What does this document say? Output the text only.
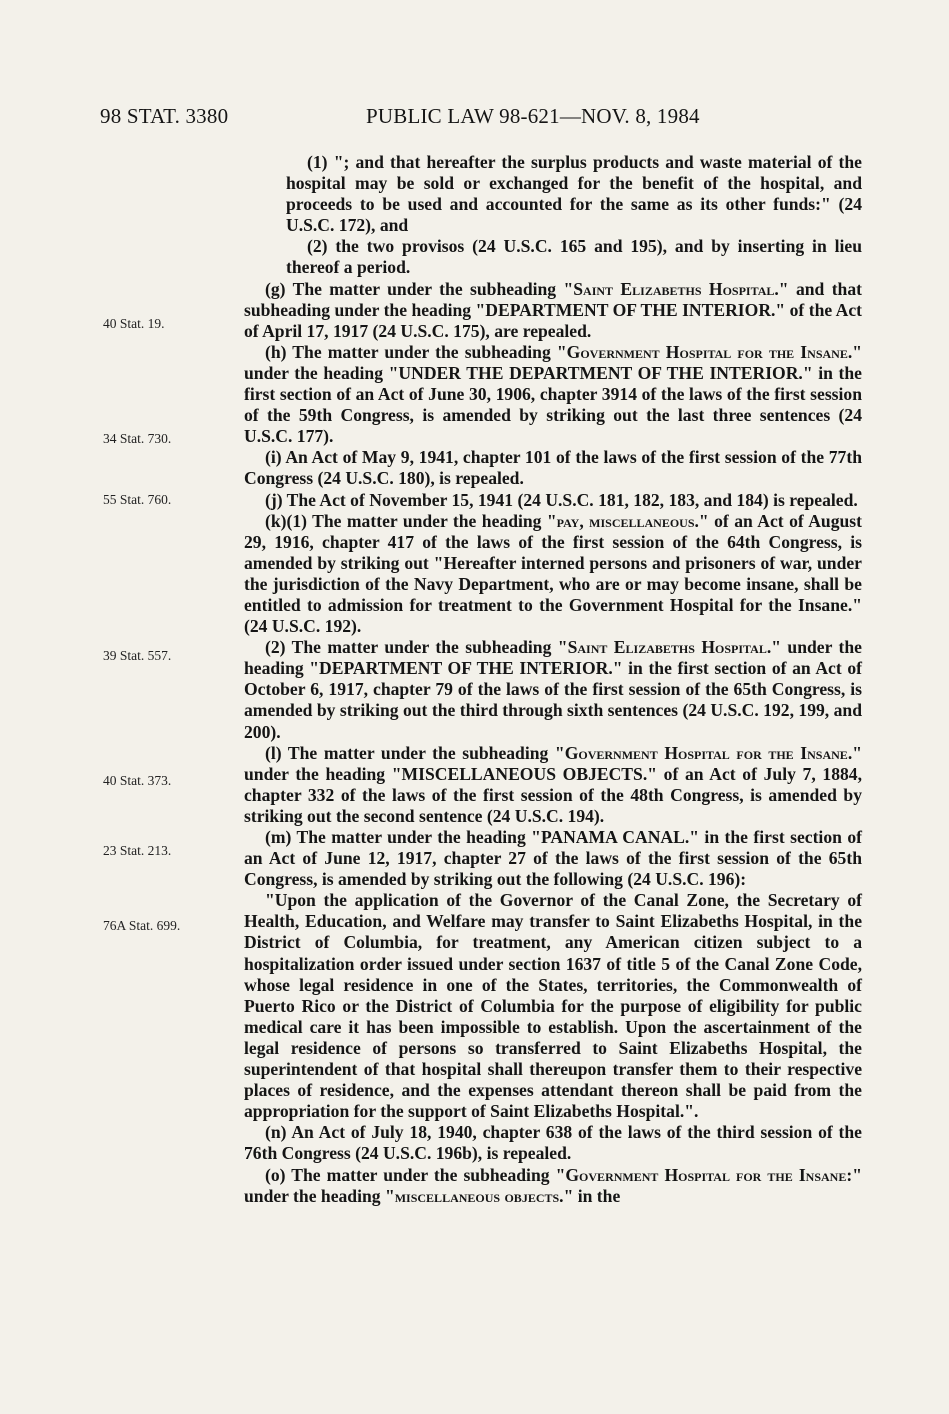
98 STAT. 3380	PUBLIC LAW 98-621—NOV. 8, 1984
40 Stat. 19.
34 Stat. 730.
55 Stat. 760.
39 Stat. 557.
40 Stat. 373.
23 Stat. 213.
76A Stat. 699.

(1) "; and that hereafter the surplus products and waste material of the hospital may be sold or exchanged for the benefit of the hospital, and proceeds to be used and accounted for the same as its other funds:" (24 U.S.C. 172), and

(2) the two provisos (24 U.S.C. 165 and 195), and by inserting in lieu thereof a period.

(g) The matter under the subheading "Saint Elizabeths Hospital." and that subheading under the heading "DEPARTMENT OF THE INTERIOR." of the Act of April 17, 1917 (24 U.S.C. 175), are repealed.

(h) The matter under the subheading "Government Hospital for the Insane." under the heading "UNDER THE DEPARTMENT OF THE INTERIOR." in the first section of an Act of June 30, 1906, chapter 3914 of the laws of the first session of the 59th Congress, is amended by striking out the last three sentences (24 U.S.C. 177).

(i) An Act of May 9, 1941, chapter 101 of the laws of the first session of the 77th Congress (24 U.S.C. 180), is repealed.

(j) The Act of November 15, 1941 (24 U.S.C. 181, 182, 183, and 184) is repealed.

(k)(1) The matter under the heading "pay, miscellaneous." of an Act of August 29, 1916, chapter 417 of the laws of the first session of the 64th Congress, is amended by striking out "Hereafter interned persons and prisoners of war, under the jurisdiction of the Navy Department, who are or may become insane, shall be entitled to admission for treatment to the Government Hospital for the Insane." (24 U.S.C. 192).

(2) The matter under the subheading "Saint Elizabeths Hospital." under the heading "DEPARTMENT OF THE INTERIOR." in the first section of an Act of October 6, 1917, chapter 79 of the laws of the first session of the 65th Congress, is amended by striking out the third through sixth sentences (24 U.S.C. 192, 199, and 200).

(l) The matter under the subheading "Government Hospital for the Insane." under the heading "MISCELLANEOUS OBJECTS." of an Act of July 7, 1884, chapter 332 of the laws of the first session of the 48th Congress, is amended by striking out the second sentence (24 U.S.C. 194).

(m) The matter under the heading "PANAMA CANAL." in the first section of an Act of June 12, 1917, chapter 27 of the laws of the first session of the 65th Congress, is amended by striking out the following (24 U.S.C. 196):

"Upon the application of the Governor of the Canal Zone, the Secretary of Health, Education, and Welfare may transfer to Saint Elizabeths Hospital, in the District of Columbia, for treatment, any American citizen subject to a hospitalization order issued under section 1637 of title 5 of the Canal Zone Code, whose legal residence in one of the States, territories, the Commonwealth of Puerto Rico or the District of Columbia for the purpose of eligibility for public medical care it has been impossible to establish. Upon the ascertainment of the legal residence of persons so transferred to Saint Elizabeths Hospital, the superintendent of that hospital shall thereupon transfer them to their respective places of residence, and the expenses attendant thereon shall be paid from the appropriation for the support of Saint Elizabeths Hospital.".

(n) An Act of July 18, 1940, chapter 638 of the laws of the third session of the 76th Congress (24 U.S.C. 196b), is repealed.

(o) The matter under the subheading "Government Hospital for the Insane:" under the heading "miscellaneous objects." in the
